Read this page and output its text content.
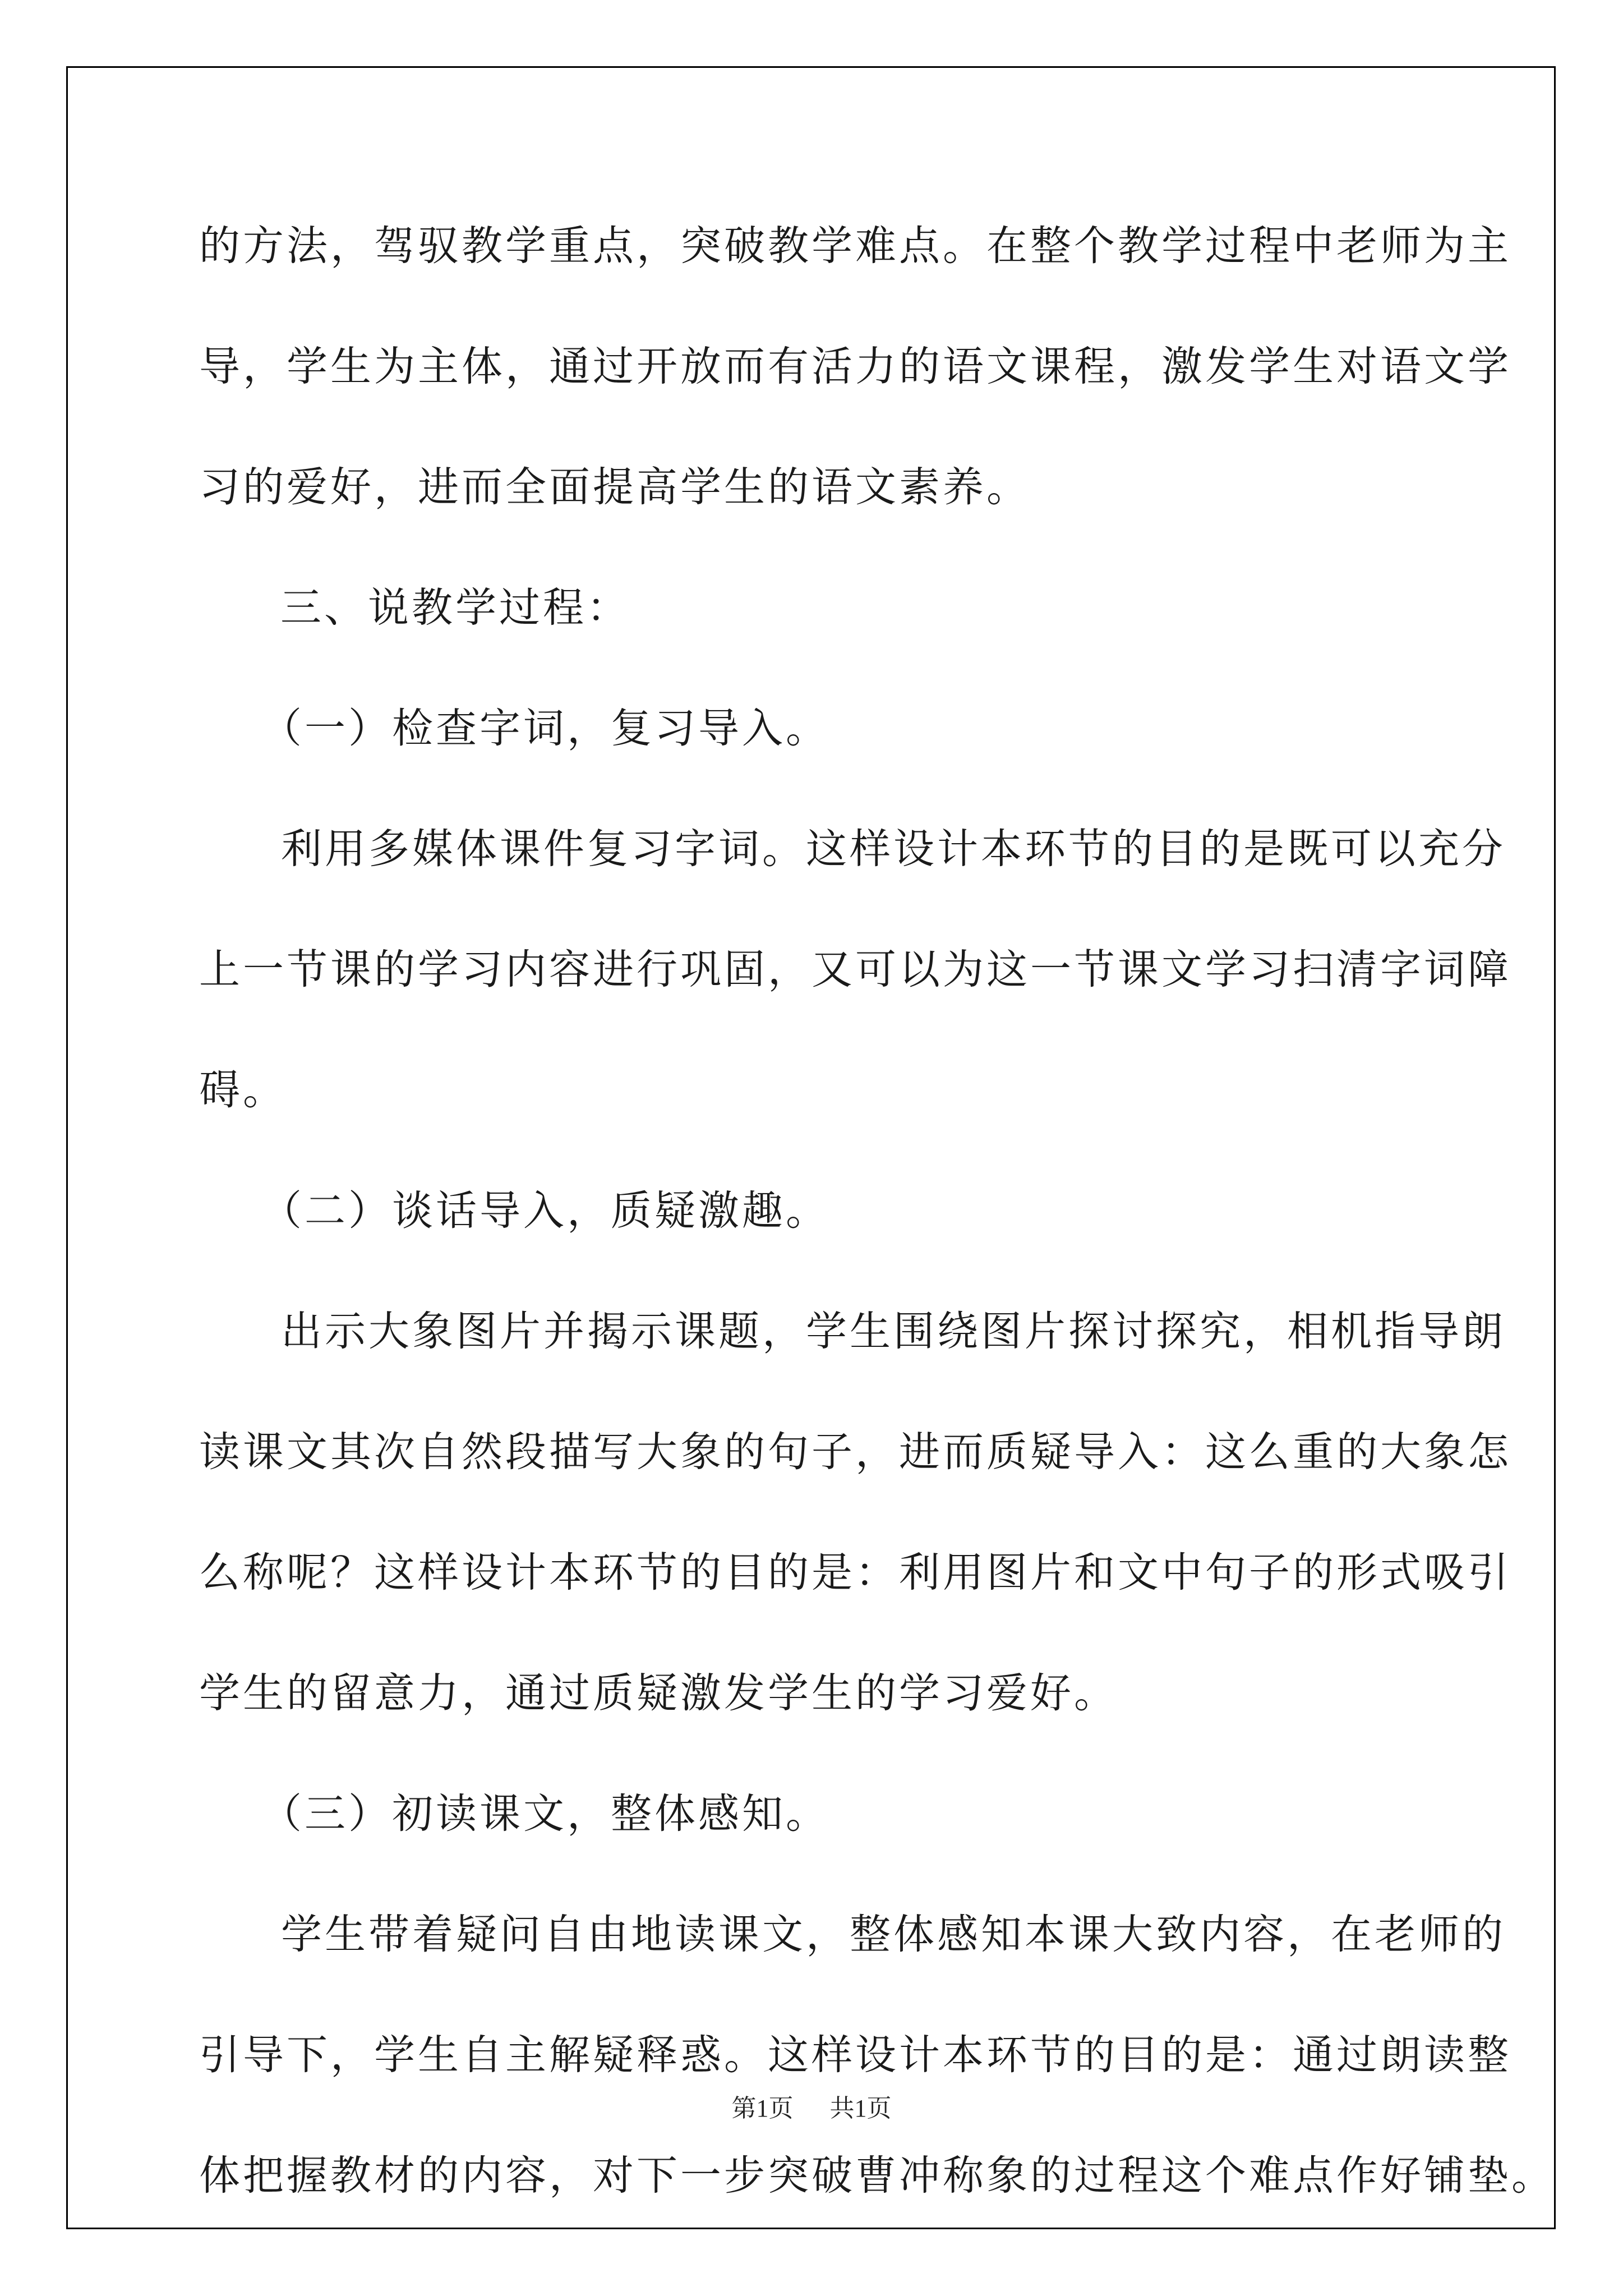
的方法，驾驭教学重点，突破教学难点。在整个教学过程中老师为主
导，学生为主体，通过开放而有活力的语文课程，激发学生对语文学
习的爱好，进而全面提高学生的语文素养。
三、说教学过程：
（一）检查字词，复习导入。
利用多媒体课件复习字词。这样设计本环节的目的是既可以充分
上一节课的学习内容进行巩固，又可以为这一节课文学习扫清字词障
碍。
（二）谈话导入，质疑激趣。
出示大象图片并揭示课题，学生围绕图片探讨探究，相机指导朗
读课文其次自然段描写大象的句子，进而质疑导入：这么重的大象怎
么称呢？这样设计本环节的目的是：利用图片和文中句子的形式吸引
学生的留意力，通过质疑激发学生的学习爱好。
（三）初读课文，整体感知。
学生带着疑问自由地读课文，整体感知本课大致内容，在老师的
引导下，学生自主解疑释惑。这样设计本环节的目的是：通过朗读整
体把握教材的内容，对下一步突破曹冲称象的过程这个难点作好铺垫。
第1页 共1页
